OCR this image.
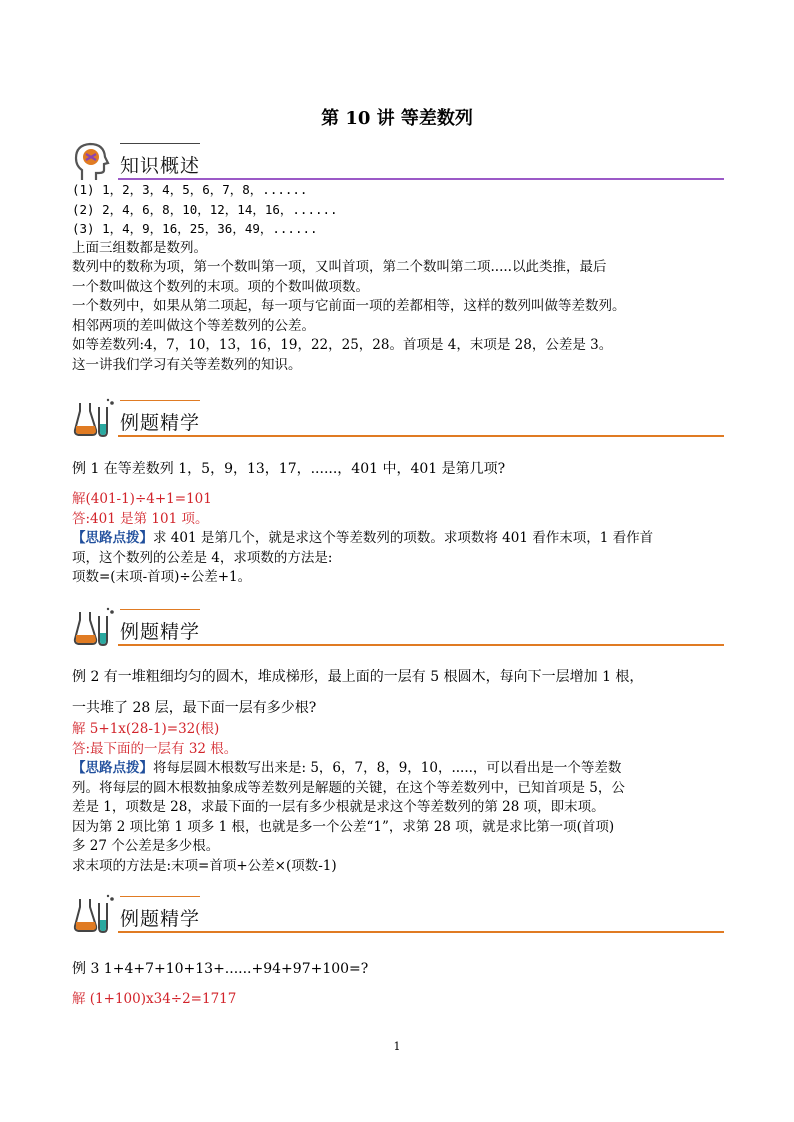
第 10 讲 等差数列
知识概述

(1) 1，2，3，4，5，6，7，8，......

(2) 2，4，6，8，10，12，14，16，......

(3) 1，4，9，16，25，36，49，......

上面三组数都是数列。

数列中的数称为项，第一个数叫第一项，又叫首项，第二个数叫第二项.....以此类推，最后

一个数叫做这个数列的末项。项的个数叫做项数。

一个数列中，如果从第二项起，每一项与它前面一项的差都相等，这样的数列叫做等差数列。

相邻两项的差叫做这个等差数列的公差。

如等差数列:4，7，10，13，16，19，22，25，28。首项是 4，末项是 28，公差是 3。

这一讲我们学习有关等差数列的知识。

例题精学
例 1 在等差数列 1，5，9，13，17，......，401 中，401 是第几项?

解(401-1)÷4+1=101

答:401 是第 101 项。

【思路点拨】求 401 是第几个，就是求这个等差数列的项数。求项数将 401 看作末项，1 看作首

项，这个数列的公差是 4，求项数的方法是:

项数=(末项-首项)÷公差+1。

例题精学
例 2 有一堆粗细均匀的圆木，堆成梯形，最上面的一层有 5 根圆木，每向下一层增加 1 根，
一共堆了 28 层，最下面一层有多少根?

解 5+1x(28-1)=32(根)

答:最下面的一层有 32 根。

【思路点拨】将每层圆木根数写出来是: 5，6，7，8，9，10，.....，可以看出是一个等差数

列。将每层的圆木根数抽象成等差数列是解题的关键，在这个等差数列中，已知首项是 5，公

差是 1，项数是 28，求最下面的一层有多少根就是求这个等差数列的第 28 项，即末项。

因为第 2 项比第 1 项多 1 根，也就是多一个公差“1”，求第 28 项，就是求比第一项(首项)

多 27 个公差是多少根。

求末项的方法是:末项=首项+公差×(项数-1)

例题精学
例 3 1+4+7+10+13+......+94+97+100=?

解 (1+100)x34÷2=1717

1
